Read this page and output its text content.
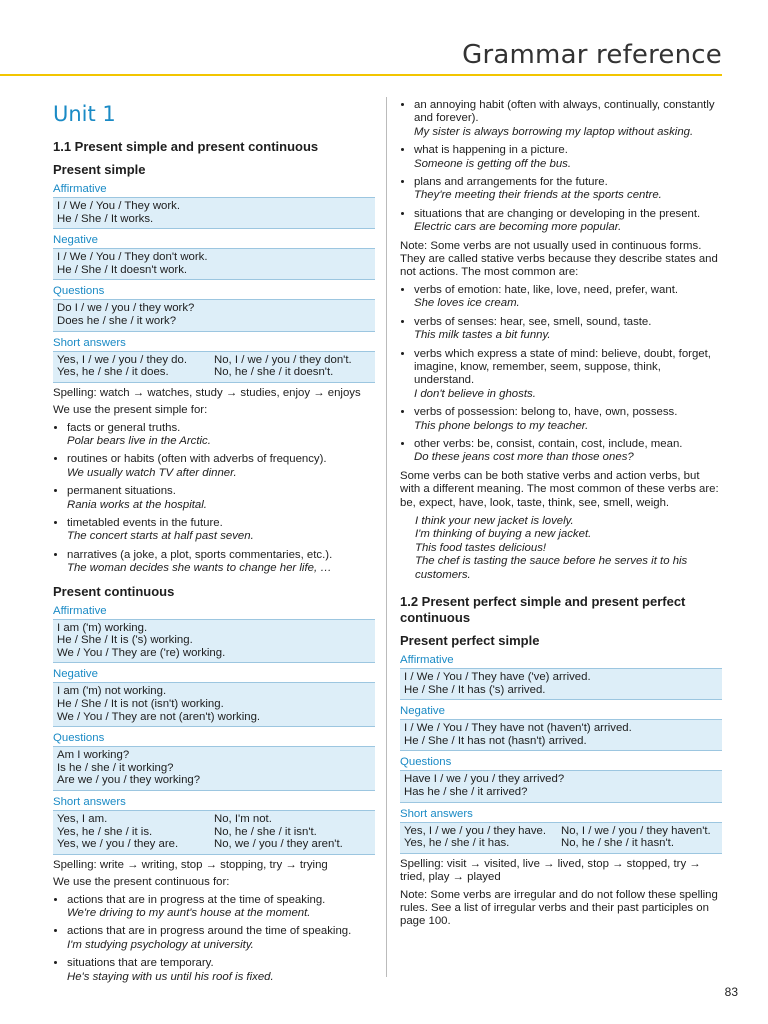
Grammar reference
Unit 1
1.1 Present simple and present continuous
Present simple
Affirmative
I / We / You / They work.
He / She / It works.
Negative
I / We / You / They don't work.
He / She / It doesn't work.
Questions
Do I / we / you / they work?
Does he / she / it work?
Short answers
Yes, I / we / you / they do.
Yes, he / she / it does.
No, I / we / you / they don't.
No, he / she / it doesn't.
Spelling: watch → watches, study → studies, enjoy → enjoys
We use the present simple for:
• facts or general truths.
Polar bears live in the Arctic.
• routines or habits (often with adverbs of frequency).
We usually watch TV after dinner.
• permanent situations.
Rania works at the hospital.
• timetabled events in the future.
The concert starts at half past seven.
• narratives (a joke, a plot, sports commentaries, etc.).
The woman decides she wants to change her life, …
Present continuous
Affirmative
I am ('m) working.
He / She / It is ('s) working.
We / You / They are ('re) working.
Negative
I am ('m) not working.
He / She / It is not (isn't) working.
We / You / They are not (aren't) working.
Questions
Am I working?
Is he / she / it working?
Are we / you / they working?
Short answers
Yes, I am.
Yes, he / she / it is.
Yes, we / you / they are.
No, I'm not.
No, he / she / it isn't.
No, we / you / they aren't.
Spelling: write → writing, stop → stopping, try → trying
We use the present continuous for:
• actions that are in progress at the time of speaking.
We're driving to my aunt's house at the moment.
• actions that are in progress around the time of speaking.
I'm studying psychology at university.
• situations that are temporary.
He's staying with us until his roof is fixed.
• an annoying habit (often with always, continually, constantly and forever).
My sister is always borrowing my laptop without asking.
• what is happening in a picture.
Someone is getting off the bus.
• plans and arrangements for the future.
They're meeting their friends at the sports centre.
• situations that are changing or developing in the present.
Electric cars are becoming more popular.
Note: Some verbs are not usually used in continuous forms. They are called stative verbs because they describe states and not actions. The most common are:
• verbs of emotion: hate, like, love, need, prefer, want.
She loves ice cream.
• verbs of senses: hear, see, smell, sound, taste.
This milk tastes a bit funny.
• verbs which express a state of mind: believe, doubt, forget, imagine, know, remember, seem, suppose, think, understand.
I don't believe in ghosts.
• verbs of possession: belong to, have, own, possess.
This phone belongs to my teacher.
• other verbs: be, consist, contain, cost, include, mean.
Do these jeans cost more than those ones?
Some verbs can be both stative verbs and action verbs, but with a different meaning. The most common of these verbs are: be, expect, have, look, taste, think, see, smell, weigh.
I think your new jacket is lovely.
I'm thinking of buying a new jacket.
This food tastes delicious!
The chef is tasting the sauce before he serves it to his customers.
1.2 Present perfect simple and present perfect continuous
Present perfect simple
Affirmative
I / We / You / They have ('ve) arrived.
He / She / It has ('s) arrived.
Negative
I / We / You / They have not (haven't) arrived.
He / She / It has not (hasn't) arrived.
Questions
Have I / we / you / they arrived?
Has he / she / it arrived?
Short answers
Yes, I / we / you / they have.
Yes, he / she / it has.
No, I / we / you / they haven't.
No, he / she / it hasn't.
Spelling: visit → visited, live → lived, stop → stopped, try → tried, play → played
Note: Some verbs are irregular and do not follow these spelling rules. See a list of irregular verbs and their past participles on page 100.
83
